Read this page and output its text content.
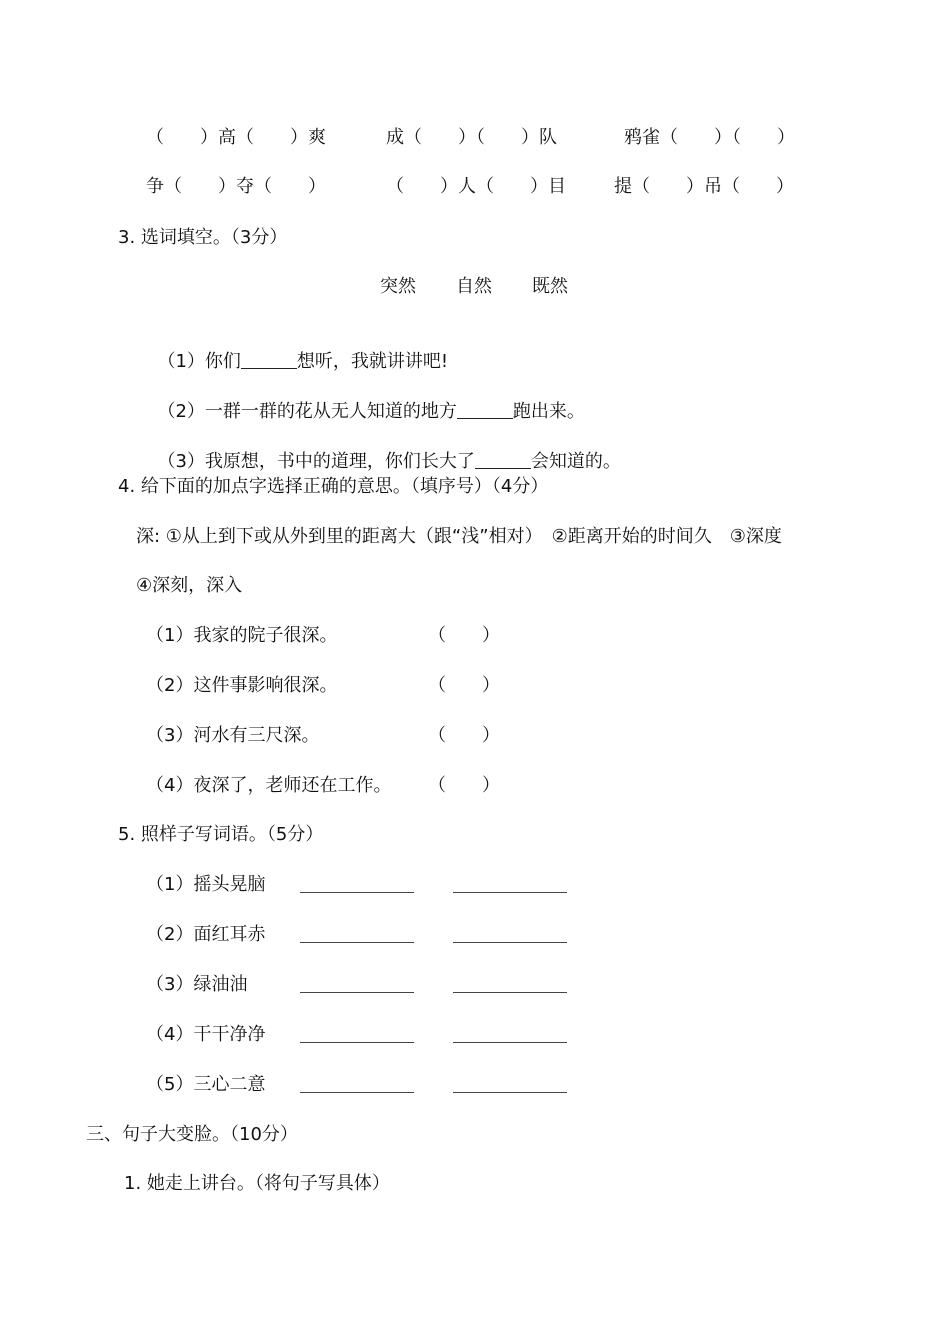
（　　）高（　　）爽	成（　　）（　　）队	鸦雀（　　）（　　）
争（　　）夺（　　）	（　　）人（　　）目	提（　　）吊（　　）
3. 选词填空。（3分）
突然 自然 既然

（1）你们	想听，我就讲讲吧!

（2）一群一群的花从无人知道的地方	跑出来。

（3）我原想，书中的道理，你们长大了	会知道的。

4. 给下面的加点字选择正确的意思。（填序号）（4分）
深: ①从上到下或从外到里的距离大（跟“浅”相对）　②距离开始的时间久　③深度
④深刻，深入
（1）我家的院子很深。	（　　）
（2）这件事影响很深。	（　　）
（3）河水有三尺深。	（　　）
（4）夜深了，老师还在工作。 （　　）
5. 照样子写词语。（5分）
（1）摇头晃脑
（2）面红耳赤
（3）绿油油
（4）干干净净
（5）三心二意
三、句子大变脸。（10分）
1. 她走上讲台。（将句子写具体）
